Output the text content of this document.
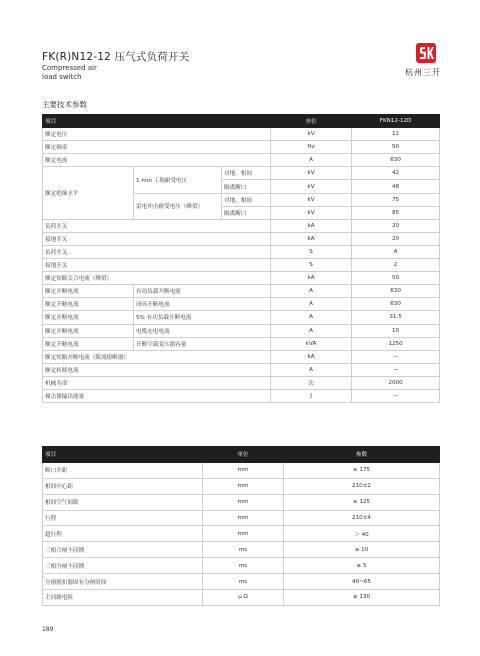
FK(R)N12-12 压气式负荷开关
Compressed air
load switch	杭州三开
主要技术参数
项目			单位	FKN12-12D	
额定电压			kV	12	
额定频率			Hz	50	
额定电流			A	630	
额定绝缘水平	1 min 工频耐受电压	对地、相间	kV	42	
		隔离断口	kV	48	
	雷电冲击耐受电压（峰值）	对地、相间	kV	75	
		隔离断口	kV	85	
负荷开关			kA	20	
接地开关			kA	20	
负荷开关			S	4	
接地开关			S	2	
额定短路关合电流（峰值）			kA	50	
额定开断电流	有功负载开断电流		A	630	
额定开断电流	闭环开断电流		A	630	
额定开断电流	5% 有功负载开断电流		A	31.5	
额定开断电流	电缆充电电流		A	10	
额定开断电流	开断空载变压器容量		kVA	1250	
额定短路开断电流（限流熔断器）			kA	−	
额定转移电流			A	−	
机械寿命			次	2000	
撞击器输出能量			J	−	
项目	单位	参数
断口开距	mm	≥ 175
相间中心距	mm	210±2
相间空气间隙	mm	≥ 125
行程	mm	210±4
超行程	mm	＞ 40
三相合闸不同期	ms	≤ 10
三相分闸不同期	ms	≤ 5
分励脱扣器固有分闸时间	ms	40~65
主回路电阻	μ Ω	≤ 130
189
